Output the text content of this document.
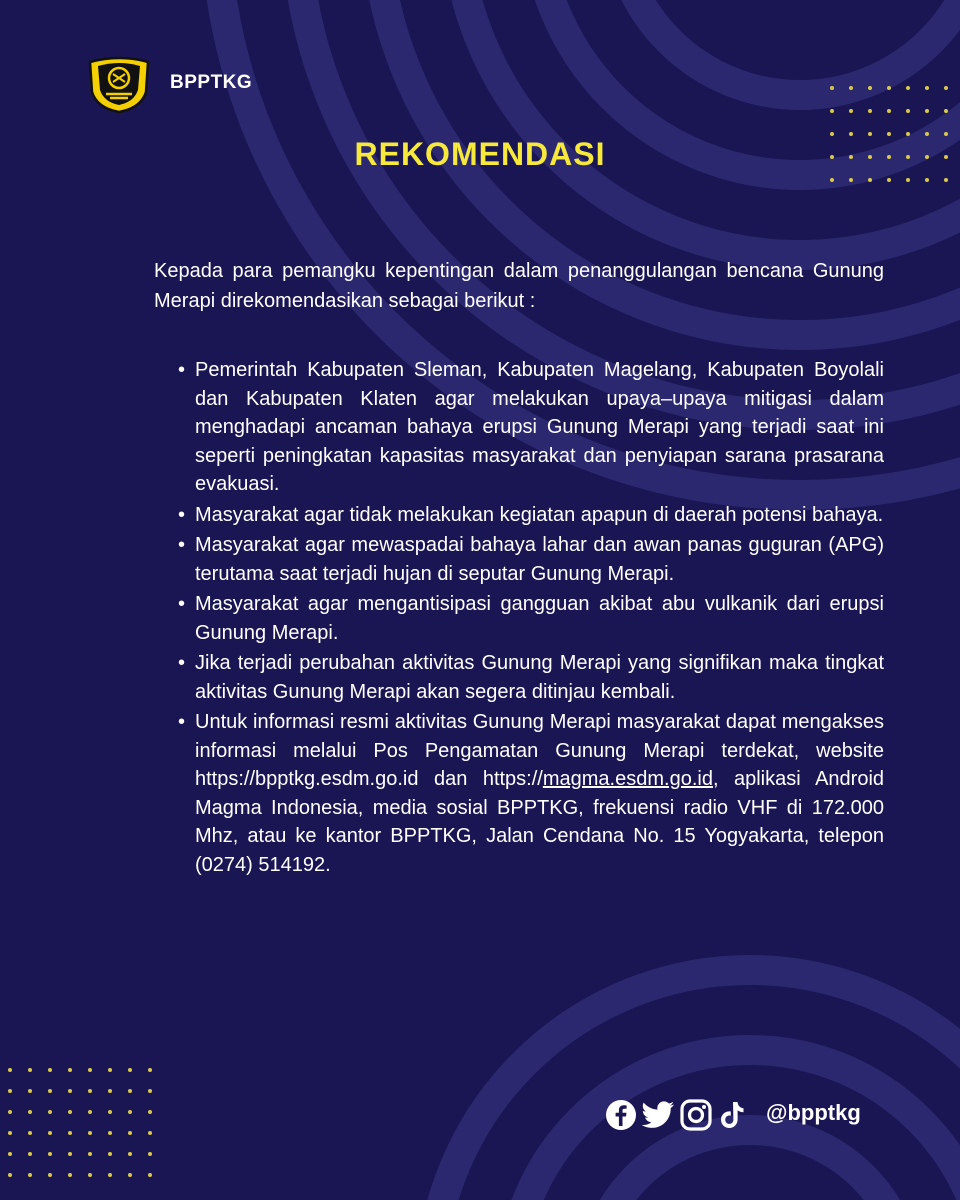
BPPTKG
REKOMENDASI

Kepada para pemangku kepentingan dalam penanggulangan bencana Gunung Merapi direkomendasikan sebagai berikut :

• Pemerintah Kabupaten Sleman, Kabupaten Magelang, Kabupaten Boyolali dan Kabupaten Klaten agar melakukan upaya–upaya mitigasi dalam menghadapi ancaman bahaya erupsi Gunung Merapi yang terjadi saat ini seperti peningkatan kapasitas masyarakat dan penyiapan sarana prasarana evakuasi.
• Masyarakat agar tidak melakukan kegiatan apapun di daerah potensi bahaya.
• Masyarakat agar mewaspadai bahaya lahar dan awan panas guguran (APG) terutama saat terjadi hujan di seputar Gunung Merapi.
• Masyarakat agar mengantisipasi gangguan akibat abu vulkanik dari erupsi Gunung Merapi.
• Jika terjadi perubahan aktivitas Gunung Merapi yang signifikan maka tingkat aktivitas Gunung Merapi akan segera ditinjau kembali.
• Untuk informasi resmi aktivitas Gunung Merapi masyarakat dapat mengakses informasi melalui Pos Pengamatan Gunung Merapi terdekat, website https://bpptkg.esdm.go.id dan https://magma.esdm.go.id, aplikasi Android Magma Indonesia, media sosial BPPTKG, frekuensi radio VHF di 172.000 Mhz, atau ke kantor BPPTKG, Jalan Cendana No. 15 Yogyakarta, telepon (0274) 514192.
@bpptkg
